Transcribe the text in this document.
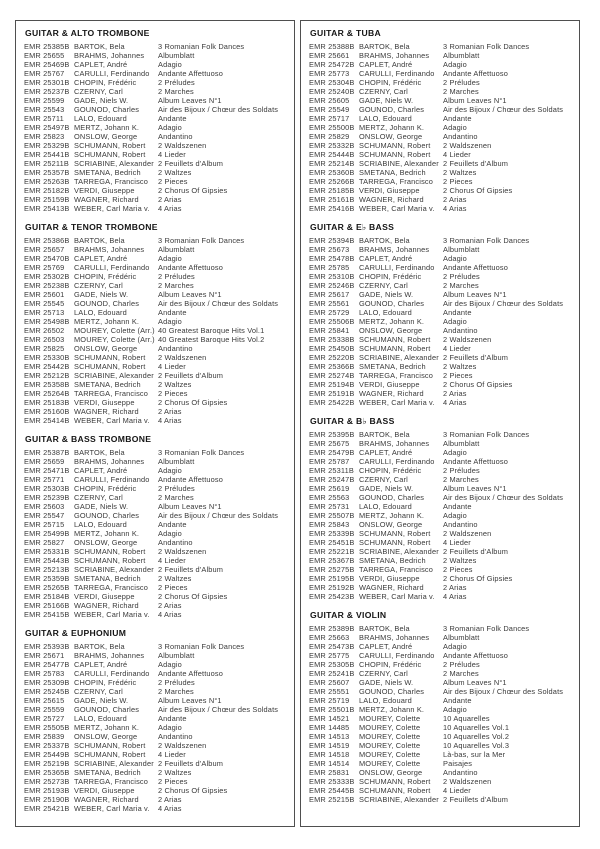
GUITAR & ALTO TROMBONE
EMR 25385B BARTOK, Bela	3 Romanian Folk Dances
EMR 25655	BRAHMS, Johannes	Albumblatt
EMR 25469B CAPLET, André	Adagio
EMR 25767	CARULLI, Ferdinando	Andante Affettuoso
EMR 25301B CHOPIN, Frédéric	2 Préludes
EMR 25237B CZERNY, Carl	2 Marches
EMR 25599	GADE, Niels W.	Album Leaves N°1
EMR 25543	GOUNOD, Charles	Air des Bijoux / Chœur des Soldats
EMR 25711	LALO, Edouard	Andante
EMR 25497B MERTZ, Johann K.	Adagio
EMR 25823	ONSLOW, George	Andantino
EMR 25329B SCHUMANN, Robert	2 Waldszenen
EMR 25441B SCHUMANN, Robert	4 Lieder
EMR 25211B SCRIABINE, Alexander 2 Feuillets d'Album
EMR 25357B SMETANA, Bedrich	2 Waltzes
EMR 25263B TARREGA, Francisco	2 Pieces
EMR 25182B VERDI, Giuseppe	2 Chorus Of Gipsies
EMR 25159B WAGNER, Richard	2 Arias
EMR 25413B WEBER, Carl Maria v.	4 Arias
GUITAR & TENOR TROMBONE
EMR 25386B BARTOK, Bela	3 Romanian Folk Dances
EMR 25657	BRAHMS, Johannes	Albumblatt
EMR 25470B CAPLET, André	Adagio
EMR 25769	CARULLI, Ferdinando	Andante Affettuoso
EMR 25302B CHOPIN, Frédéric	2 Préludes
EMR 25238B CZERNY, Carl	2 Marches
EMR 25601	GADE, Niels W.	Album Leaves N°1
EMR 25545	GOUNOD, Charles	Air des Bijoux / Chœur des Soldats
EMR 25713	LALO, Edouard	Andante
EMR 25498B MERTZ, Johann K.	Adagio
EMR 26502	MOUREY, Colette (Arr.) 40 Greatest Baroque Hits Vol.1
EMR 26503	MOUREY, Colette (Arr.) 40 Greatest Baroque Hits Vol.2
EMR 25825	ONSLOW, George	Andantino
EMR 25330B SCHUMANN, Robert	2 Waldszenen
EMR 25442B SCHUMANN, Robert	4 Lieder
EMR 25212B SCRIABINE, Alexander 2 Feuillets d'Album
EMR 25358B SMETANA, Bedrich	2 Waltzes
EMR 25264B TARREGA, Francisco	2 Pieces
EMR 25183B VERDI, Giuseppe	2 Chorus Of Gipsies
EMR 25160B WAGNER, Richard	2 Arias
EMR 25414B WEBER, Carl Maria v.	4 Arias
GUITAR & BASS TROMBONE
EMR 25387B BARTOK, Bela	3 Romanian Folk Dances
EMR 25659	BRAHMS, Johannes	Albumblatt
EMR 25471B CAPLET, André	Adagio
EMR 25771	CARULLI, Ferdinando	Andante Affettuoso
EMR 25303B CHOPIN, Frédéric	2 Préludes
EMR 25239B CZERNY, Carl	2 Marches
EMR 25603	GADE, Niels W.	Album Leaves N°1
EMR 25547	GOUNOD, Charles	Air des Bijoux / Chœur des Soldats
EMR 25715	LALO, Edouard	Andante
EMR 25499B MERTZ, Johann K.	Adagio
EMR 25827	ONSLOW, George	Andantino
EMR 25331B SCHUMANN, Robert	2 Waldszenen
EMR 25443B SCHUMANN, Robert	4 Lieder
EMR 25213B SCRIABINE, Alexander 2 Feuillets d'Album
EMR 25359B SMETANA, Bedrich	2 Waltzes
EMR 25265B TARREGA, Francisco	2 Pieces
EMR 25184B VERDI, Giuseppe	2 Chorus Of Gipsies
EMR 25166B WAGNER, Richard	2 Arias
EMR 25415B WEBER, Carl Maria v.	4 Arias
GUITAR & EUPHONIUM
EMR 25393B BARTOK, Bela	3 Romanian Folk Dances
EMR 25671	BRAHMS, Johannes	Albumblatt
EMR 25477B CAPLET, André	Adagio
EMR 25783	CARULLI, Ferdinando	Andante Affettuoso
EMR 25309B CHOPIN, Frédéric	2 Préludes
EMR 25245B CZERNY, Carl	2 Marches
EMR 25615	GADE, Niels W.	Album Leaves N°1
EMR 25559	GOUNOD, Charles	Air des Bijoux / Chœur des Soldats
EMR 25727	LALO, Edouard	Andante
EMR 25505B MERTZ, Johann K.	Adagio
EMR 25839	ONSLOW, George	Andantino
EMR 25337B SCHUMANN, Robert	2 Waldszenen
EMR 25449B SCHUMANN, Robert	4 Lieder
EMR 25219B SCRIABINE, Alexander 2 Feuillets d'Album
EMR 25365B SMETANA, Bedrich	2 Waltzes
EMR 25273B TARREGA, Francisco	2 Pieces
EMR 25193B VERDI, Giuseppe	2 Chorus Of Gipsies
EMR 25190B WAGNER, Richard	2 Arias
EMR 25421B WEBER, Carl Maria v.	4 Arias
GUITAR & TUBA
EMR 25388B BARTOK, Bela	3 Romanian Folk Dances
EMR 25661	BRAHMS, Johannes	Albumblatt
EMR 25472B CAPLET, André	Adagio
EMR 25773	CARULLI, Ferdinando	Andante Affettuoso
EMR 25304B CHOPIN, Frédéric	2 Préludes
EMR 25240B CZERNY, Carl	2 Marches
EMR 25605	GADE, Niels W.	Album Leaves N°1
EMR 25549	GOUNOD, Charles	Air des Bijoux / Chœur des Soldats
EMR 25717	LALO, Edouard	Andante
EMR 25500B MERTZ, Johann K.	Adagio
EMR 25829	ONSLOW, George	Andantino
EMR 25332B SCHUMANN, Robert	2 Waldszenen
EMR 25444B SCHUMANN, Robert	4 Lieder
EMR 25214B SCRIABINE, Alexander 2 Feuillets d'Album
EMR 25360B SMETANA, Bedrich	2 Waltzes
EMR 25266B TARREGA, Francisco	2 Pieces
EMR 25185B VERDI, Giuseppe	2 Chorus Of Gipsies
EMR 25161B WAGNER, Richard	2 Arias
EMR 25416B WEBER, Carl Maria v.	4 Arias
GUITAR & E♭ BASS
EMR 25394B BARTOK, Bela	3 Romanian Folk Dances
EMR 25673	BRAHMS, Johannes	Albumblatt
EMR 25478B CAPLET, André	Adagio
EMR 25785	CARULLI, Ferdinando	Andante Affettuoso
EMR 25310B CHOPIN, Frédéric	2 Préludes
EMR 25246B CZERNY, Carl	2 Marches
EMR 25617	GADE, Niels W.	Album Leaves N°1
EMR 25561	GOUNOD, Charles	Air des Bijoux / Chœur des Soldats
EMR 25729	LALO, Edouard	Andante
EMR 25506B MERTZ, Johann K.	Adagio
EMR 25841	ONSLOW, George	Andantino
EMR 25338B SCHUMANN, Robert	2 Waldszenen
EMR 25450B SCHUMANN, Robert	4 Lieder
EMR 25220B SCRIABINE, Alexander 2 Feuillets d'Album
EMR 25366B SMETANA, Bedrich	2 Waltzes
EMR 25274B TARREGA, Francisco	2 Pieces
EMR 25194B VERDI, Giuseppe	2 Chorus Of Gipsies
EMR 25191B WAGNER, Richard	2 Arias
EMR 25422B WEBER, Carl Maria v.	4 Arias
GUITAR & B♭ BASS
EMR 25395B BARTOK, Bela	3 Romanian Folk Dances
EMR 25675	BRAHMS, Johannes	Albumblatt
EMR 25479B CAPLET, André	Adagio
EMR 25787	CARULLI, Ferdinando	Andante Affettuoso
EMR 25311B CHOPIN, Frédéric	2 Préludes
EMR 25247B CZERNY, Carl	2 Marches
EMR 25619	GADE, Niels W.	Album Leaves N°1
EMR 25563	GOUNOD, Charles	Air des Bijoux / Chœur des Soldats
EMR 25731	LALO, Edouard	Andante
EMR 25507B MERTZ, Johann K.	Adagio
EMR 25843	ONSLOW, George	Andantino
EMR 25339B SCHUMANN, Robert	2 Waldszenen
EMR 25451B SCHUMANN, Robert	4 Lieder
EMR 25221B SCRIABINE, Alexander 2 Feuillets d'Album
EMR 25367B SMETANA, Bedrich	2 Waltzes
EMR 25275B TARREGA, Francisco	2 Pieces
EMR 25195B VERDI, Giuseppe	2 Chorus Of Gipsies
EMR 25192B WAGNER, Richard	2 Arias
EMR 25423B WEBER, Carl Maria v.	4 Arias
GUITAR & VIOLIN
EMR 25389B BARTOK, Bela	3 Romanian Folk Dances
EMR 25663	BRAHMS, Johannes	Albumblatt
EMR 25473B CAPLET, André	Adagio
EMR 25775	CARULLI, Ferdinando	Andante Affettuoso
EMR 25305B CHOPIN, Frédéric	2 Préludes
EMR 25241B CZERNY, Carl	2 Marches
EMR 25607	GADE, Niels W.	Album Leaves N°1
EMR 25551	GOUNOD, Charles	Air des Bijoux / Chœur des Soldats
EMR 25719	LALO, Edouard	Andante
EMR 25501B MERTZ, Johann K.	Adagio
EMR 14521	MOUREY, Colette	10 Aquarelles
EMR 14485	MOUREY, Colette	10 Aquarelles Vol.1
EMR 14513	MOUREY, Colette	10 Aquarelles Vol.2
EMR 14519	MOUREY, Colette	10 Aquarelles Vol.3
EMR 14518	MOUREY, Colette	Là-bas, sur la Mer
EMR 14514	MOUREY, Colette	Paisajes
EMR 25831	ONSLOW, George	Andantino
EMR 25333B SCHUMANN, Robert	2 Waldszenen
EMR 25445B SCHUMANN, Robert	4 Lieder
EMR 25215B SCRIABINE, Alexander 2 Feuillets d'Album
